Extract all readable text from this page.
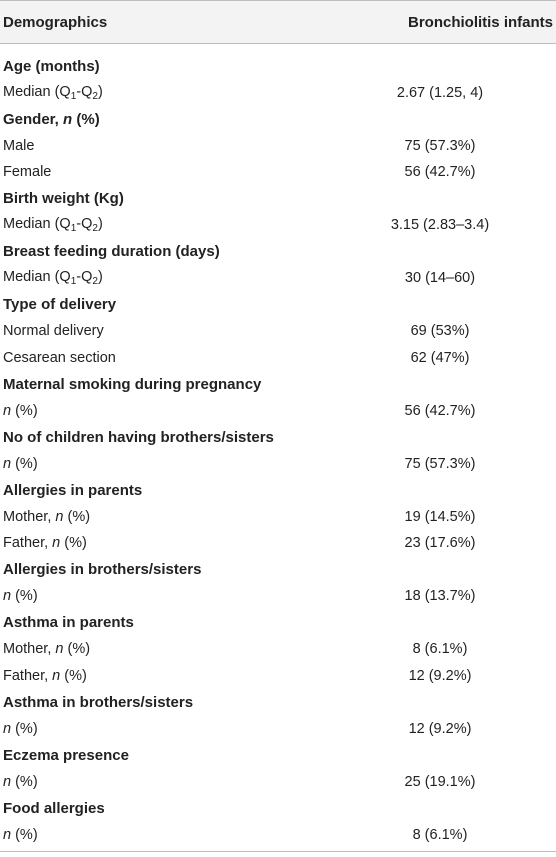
Demographics	Bronchiolitis infants
Age (months)
Median $(Q_1-Q_2)$	2.67 (1.25, 4)
Gender, n (%)
Male	75 (57.3%)
Female	56 (42.7%)
Birth weight (Kg)
Median $(Q_1-Q_2)$	3.15 (2.83–3.4)
Breast feeding duration (days)
Median $(Q_1-Q_2)$	30 (14–60)
Type of delivery
Normal delivery	69 (53%)
Cesarean section	62 (47%)
Maternal smoking during pregnancy
n (%)	56 (42.7%)
No of children having brothers/sisters
n (%)	75 (57.3%)
Allergies in parents
Mother, n (%)	19 (14.5%)
Father, n (%)	23 (17.6%)
Allergies in brothers/sisters
n (%)	18 (13.7%)
Asthma in parents
Mother, n (%)	8 (6.1%)
Father, n (%)	12 (9.2%)
Asthma in brothers/sisters
n (%)	12 (9.2%)
Eczema presence
n (%)	25 (19.1%)
Food allergies
n (%)	8 (6.1%)
